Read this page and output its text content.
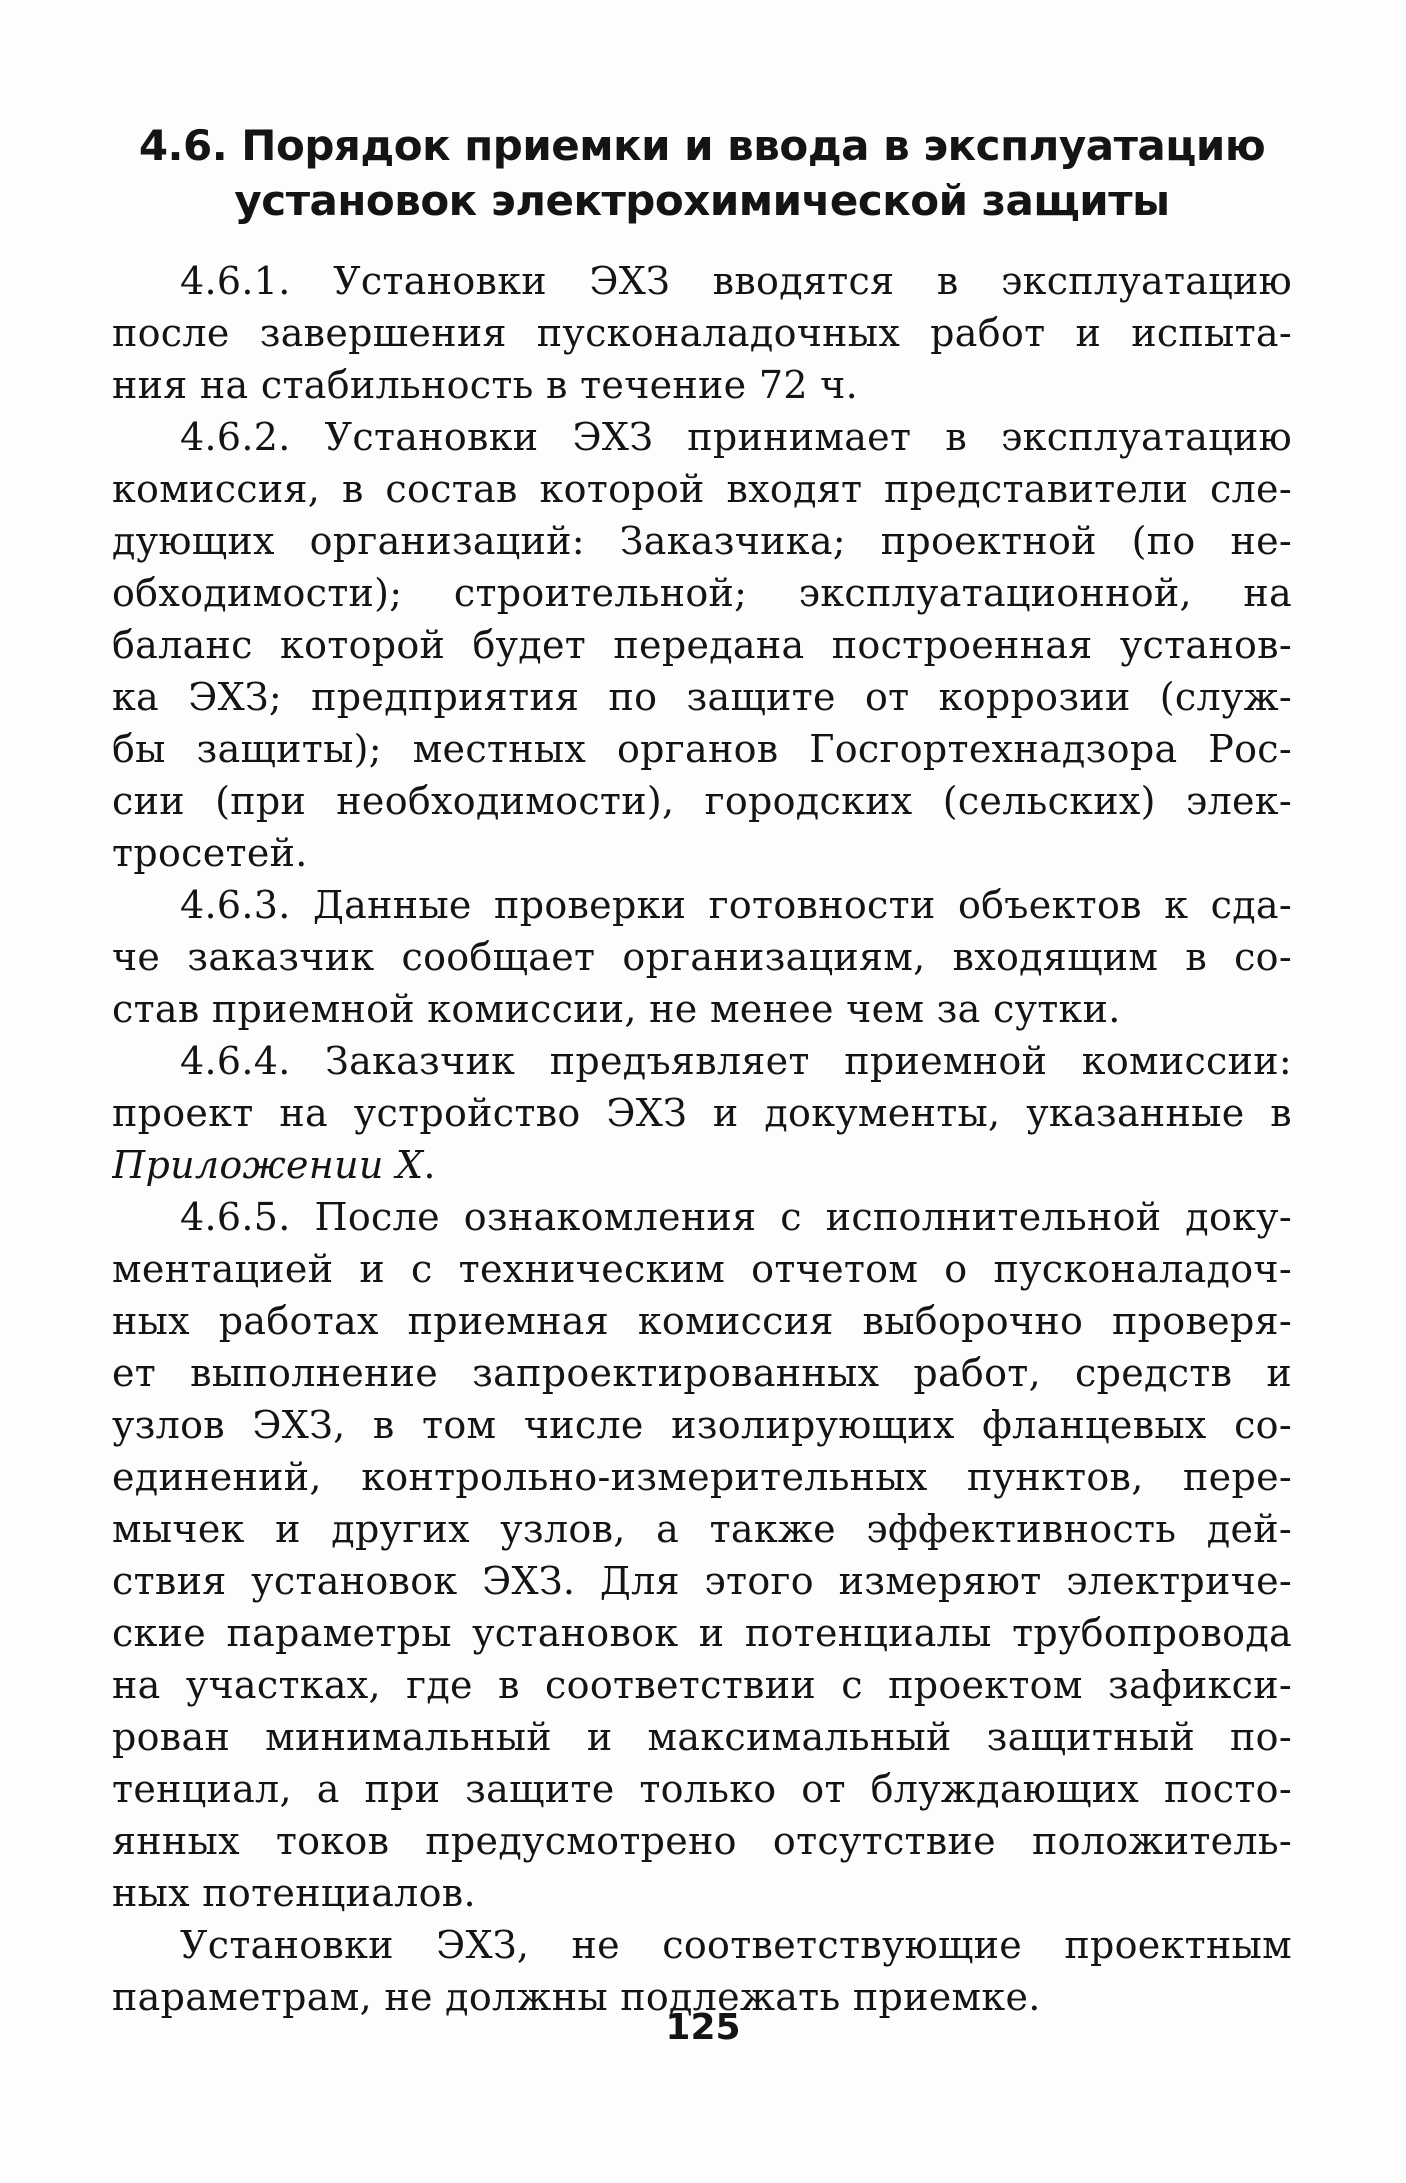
4.6. Порядок приемки и ввода в эксплуатацию
установок электрохимической защиты

4.6.1. Установки ЭХЗ вводятся в эксплуатацию
после завершения пусконаладочных работ и испыта-
ния на стабильность в течение 72 ч.

4.6.2. Установки ЭХЗ принимает в эксплуатацию
комиссия, в состав которой входят представители сле-
дующих организаций: Заказчика; проектной (по не-
обходимости); строительной; эксплуатационной, на
баланс которой будет передана построенная установ-
ка ЭХЗ; предприятия по защите от коррозии (служ-
бы защиты); местных органов Госгортехнадзора Рос-
сии (при необходимости), городских (сельских) элек-
тросетей.

4.6.3. Данные проверки готовности объектов к сда-
че заказчик сообщает организациям, входящим в со-
став приемной комиссии, не менее чем за сутки.

4.6.4. Заказчик предъявляет приемной комиссии:
проект на устройство ЭХЗ и документы, указанные в
Приложении Х.

4.6.5. После ознакомления с исполнительной доку-
ментацией и с техническим отчетом о пусконаладоч-
ных работах приемная комиссия выборочно проверя-
ет выполнение запроектированных работ, средств и
узлов ЭХЗ, в том числе изолирующих фланцевых со-
единений, контрольно-измерительных пунктов, пере-
мычек и других узлов, а также эффективность дей-
ствия установок ЭХЗ. Для этого измеряют электриче-
ские параметры установок и потенциалы трубопровода
на участках, где в соответствии с проектом зафикси-
рован минимальный и максимальный защитный по-
тенциал, а при защите только от блуждающих посто-
янных токов предусмотрено отсутствие положитель-
ных потенциалов.

Установки ЭХЗ, не соответствующие проектным
параметрам, не должны подлежать приемке.

125
